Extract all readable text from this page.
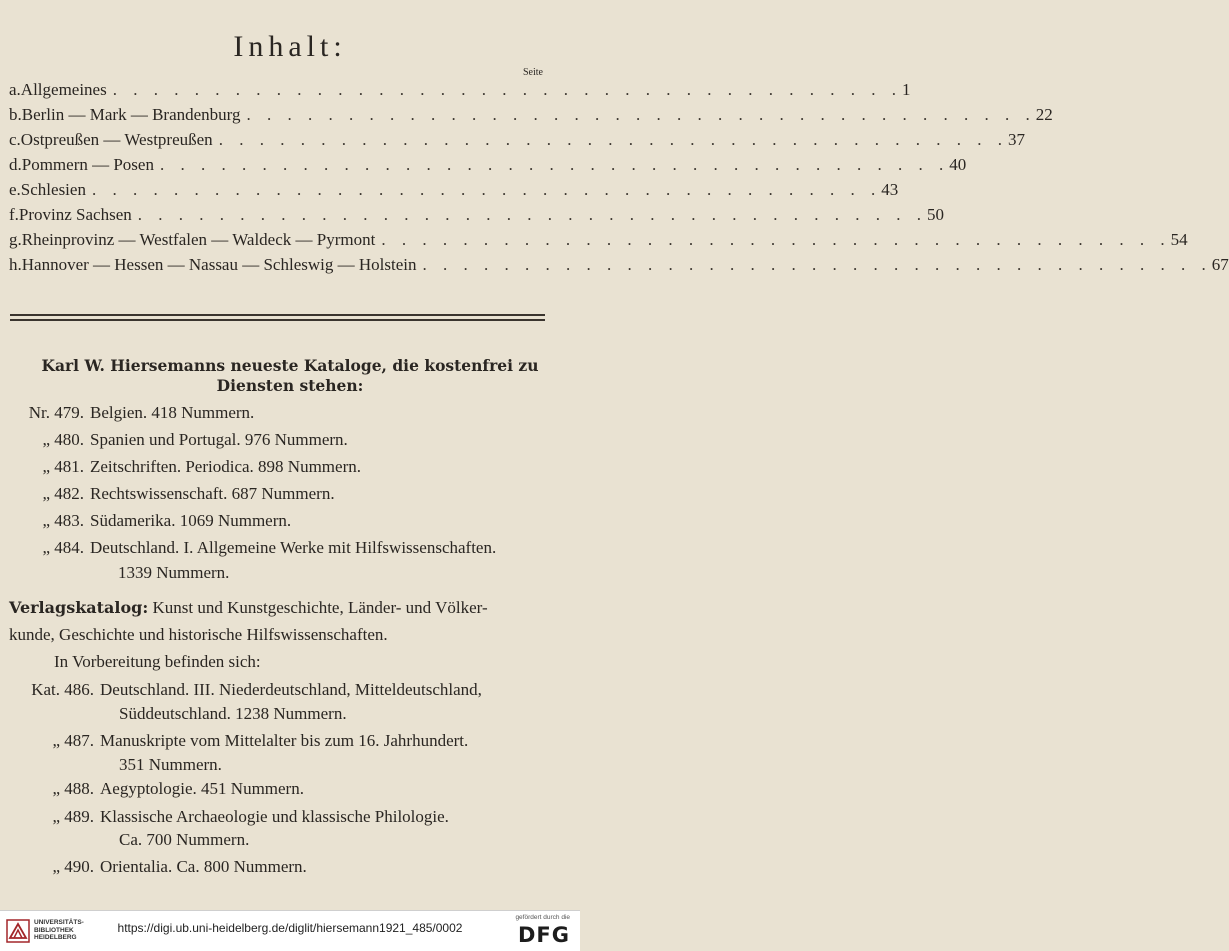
Inhalt:
Seite
a. Allgemeines . . . . . . . . . . . . . . . . . . . . . . . . . . . . . . . . . . . . . . . 1
b. Berlin — Mark — Brandenburg . . . . . . . . . . . . . . . . . . . . . . . . . . . . . . . . . . . . . . . 22
c. Ostpreußen — Westpreußen . . . . . . . . . . . . . . . . . . . . . . . . . . . . . . . . . . . . . . . 37
d. Pommern — Posen . . . . . . . . . . . . . . . . . . . . . . . . . . . . . . . . . . . . . . . 40
e. Schlesien . . . . . . . . . . . . . . . . . . . . . . . . . . . . . . . . . . . . . . . 43
f. Provinz Sachsen . . . . . . . . . . . . . . . . . . . . . . . . . . . . . . . . . . . . . . . 50
g. Rheinprovinz — Westfalen — Waldeck — Pyrmont . . . . . . . . . . . . . . . . . . . . . . . . . . . . . . . . . . . . . . . 54
h. Hannover — Hessen — Nassau — Schleswig — Holstein . . . . . . . . . . . . . . . . . . . . . . . . . . . . . . . . . . . . . . . 67
Karl W. Hiersemanns neueste Kataloge, die kostenfrei zu
Diensten stehen:
Nr. 479. Belgien. 418 Nummern.
„ 480. Spanien und Portugal. 976 Nummern.
„ 481. Zeitschriften. Periodica. 898 Nummern.
„ 482. Rechtswissenschaft. 687 Nummern.
„ 483. Südamerika. 1069 Nummern.
„ 484. Deutschland. I. Allgemeine Werke mit Hilfswissenschaften.
1339 Nummern.
Verlagskatalog: Kunst und Kunstgeschichte, Länder- und Völker-
kunde, Geschichte und historische Hilfswissenschaften.
In Vorbereitung befinden sich:
Kat. 486. Deutschland. III. Niederdeutschland, Mitteldeutschland,
Süddeutschland. 1238 Nummern.
„ 487. Manuskripte vom Mittelalter bis zum 16. Jahrhundert.
351 Nummern.
„ 488. Aegyptologie. 451 Nummern.
„ 489. Klassische Archaeologie und klassische Philologie.
Ca. 700 Nummern.
„ 490. Orientalia. Ca. 800 Nummern.
UNIVERSITÄTS-
BIBLIOTHEK
HEIDELBERG
https://digi.ub.uni-heidelberg.de/diglit/hiersemann1921_485/0002
gefördert durch die
DFG
